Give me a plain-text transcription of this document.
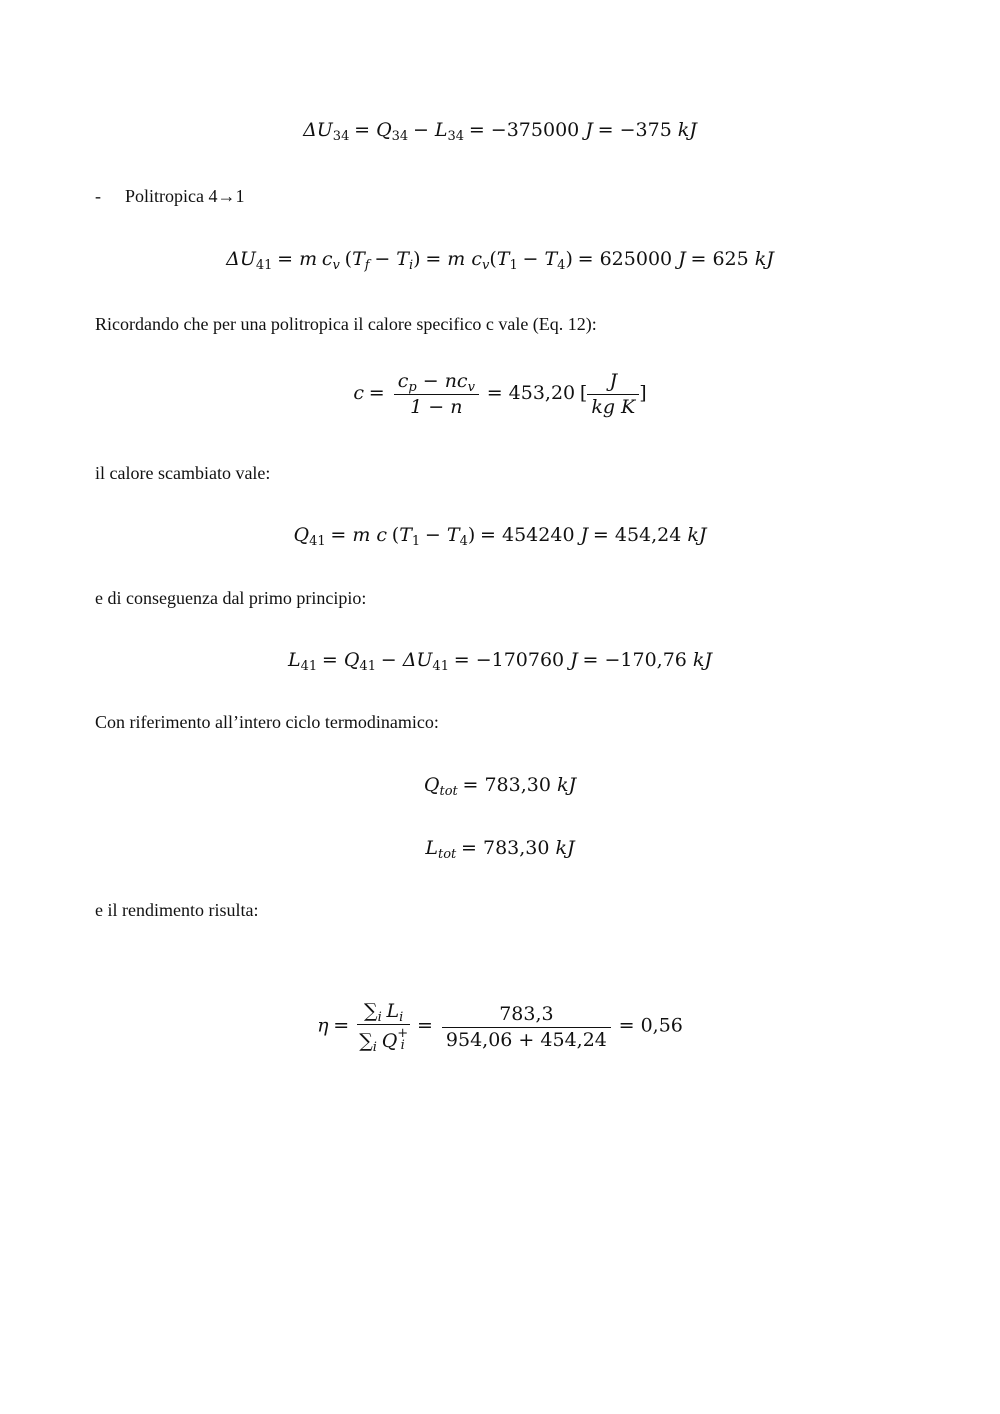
$\Delta U_{34} = Q_{34} - L_{34} = -375000$ J = −375 kJ
- Politropica 4→1
$\Delta U_{41} = m$ $c_v$ $(T_f - T_i) = m$ $c_v(T_1 - T_4) = 625000$ J = 625 kJ
Ricordando che per una politropica il calore specifico c vale (Eq. 12):
$c = \frac{c_p - nc_v}{1 - n} = 453,20$ [ $\frac{J}{\text{kg K}}$ ]
il calore scambiato vale:
$Q_{41} = m$ c $(T_1 - T_4) = 454240$ J = 454,24 kJ
e di conseguenza dal primo principio:
$L_{41} = Q_{41} - \Delta U_{41} = -170760$ J = −170,76 kJ
Con riferimento all’intero ciclo termodinamico:
$Q_{tot} = 783,30$ kJ
$L_{tot} = 783,30$ kJ
e il rendimento risulta:
$\eta = \sum_i$ $L_i$
$\sum_i$ Q +
$i = \frac{783,3}{954,06 + 454,24} = 0,56$
